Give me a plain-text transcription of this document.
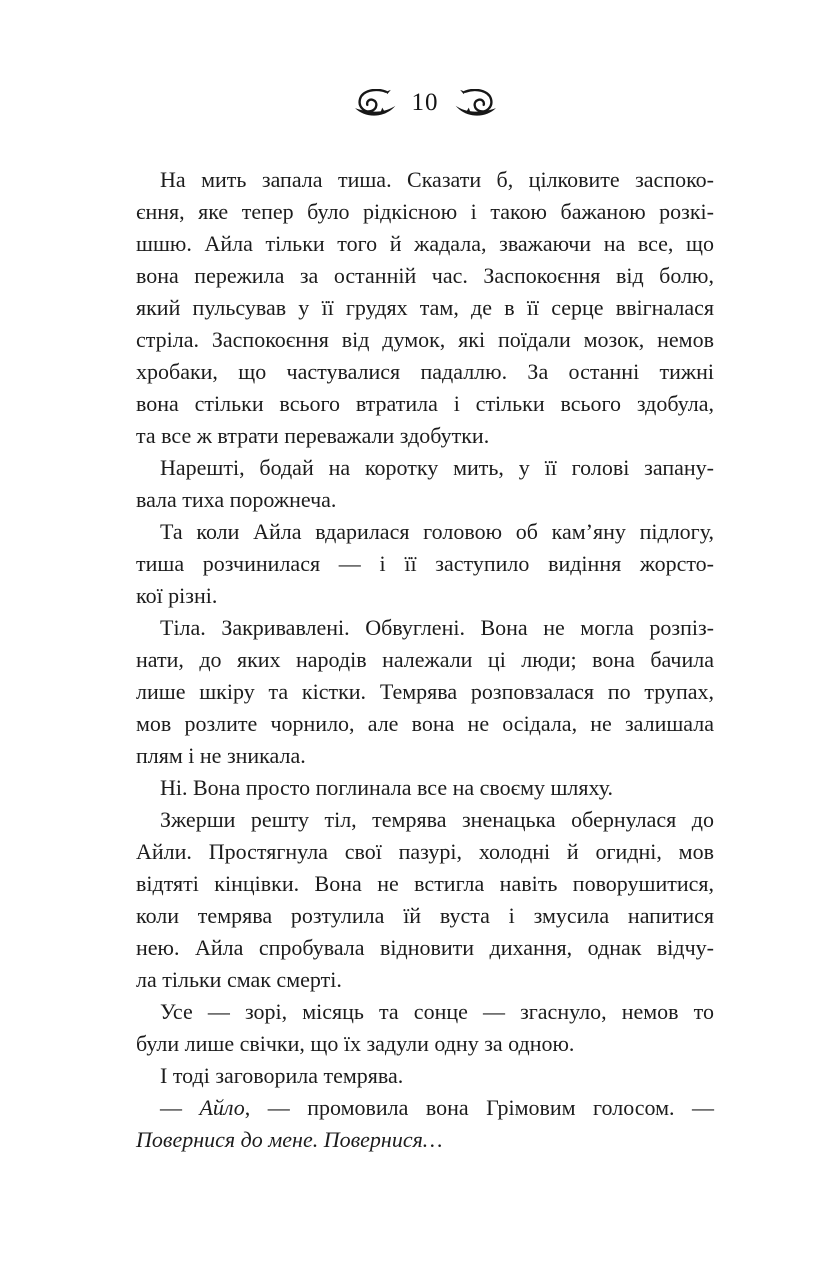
10
На мить запала тиша. Сказати б, цілковите заспоко-
єння, яке тепер було рідкісною і такою бажаною розкі-
шшю. Айла тільки того й жадала, зважаючи на все, що
вона пережила за останній час. Заспокоєння від болю,
який пульсував у її грудях там, де в її серце ввігналася
стріла. Заспокоєння від думок, які поїдали мозок, немов
хробаки, що частувалися падаллю. За останні тижні
вона стільки всього втратила і стільки всього здобула,
та все ж втрати переважали здобутки.
Нарешті, бодай на коротку мить, у її голові запану-
вала тиха порожнеча.
Та коли Айла вдарилася головою об кам’яну підлогу,
тиша розчинилася — і її заступило видіння жорсто-
кої різні.
Тіла. Закривавлені. Обвуглені. Вона не могла розпіз-
нати, до яких народів належали ці люди; вона бачила
лише шкіру та кістки. Темрява розповзалася по трупах,
мов розлите чорнило, але вона не осідала, не залишала
плям і не зникала.
Ні. Вона просто поглинала все на своєму шляху.
Зжерши решту тіл, темрява зненацька обернулася до
Айли. Простягнула свої пазурі, холодні й огидні, мов
відтяті кінцівки. Вона не встигла навіть поворушитися,
коли темрява розтулила їй вуста і змусила напитися
нею. Айла спробувала відновити дихання, однак відчу-
ла тільки смак смерті.
Усе — зорі, місяць та сонце — згаснуло, немов то
були лише свічки, що їх задули одну за одною.
І тоді заговорила темрява.
— Айло, — промовила вона Грімовим голосом. —
Повернися до мене. Повернися…
